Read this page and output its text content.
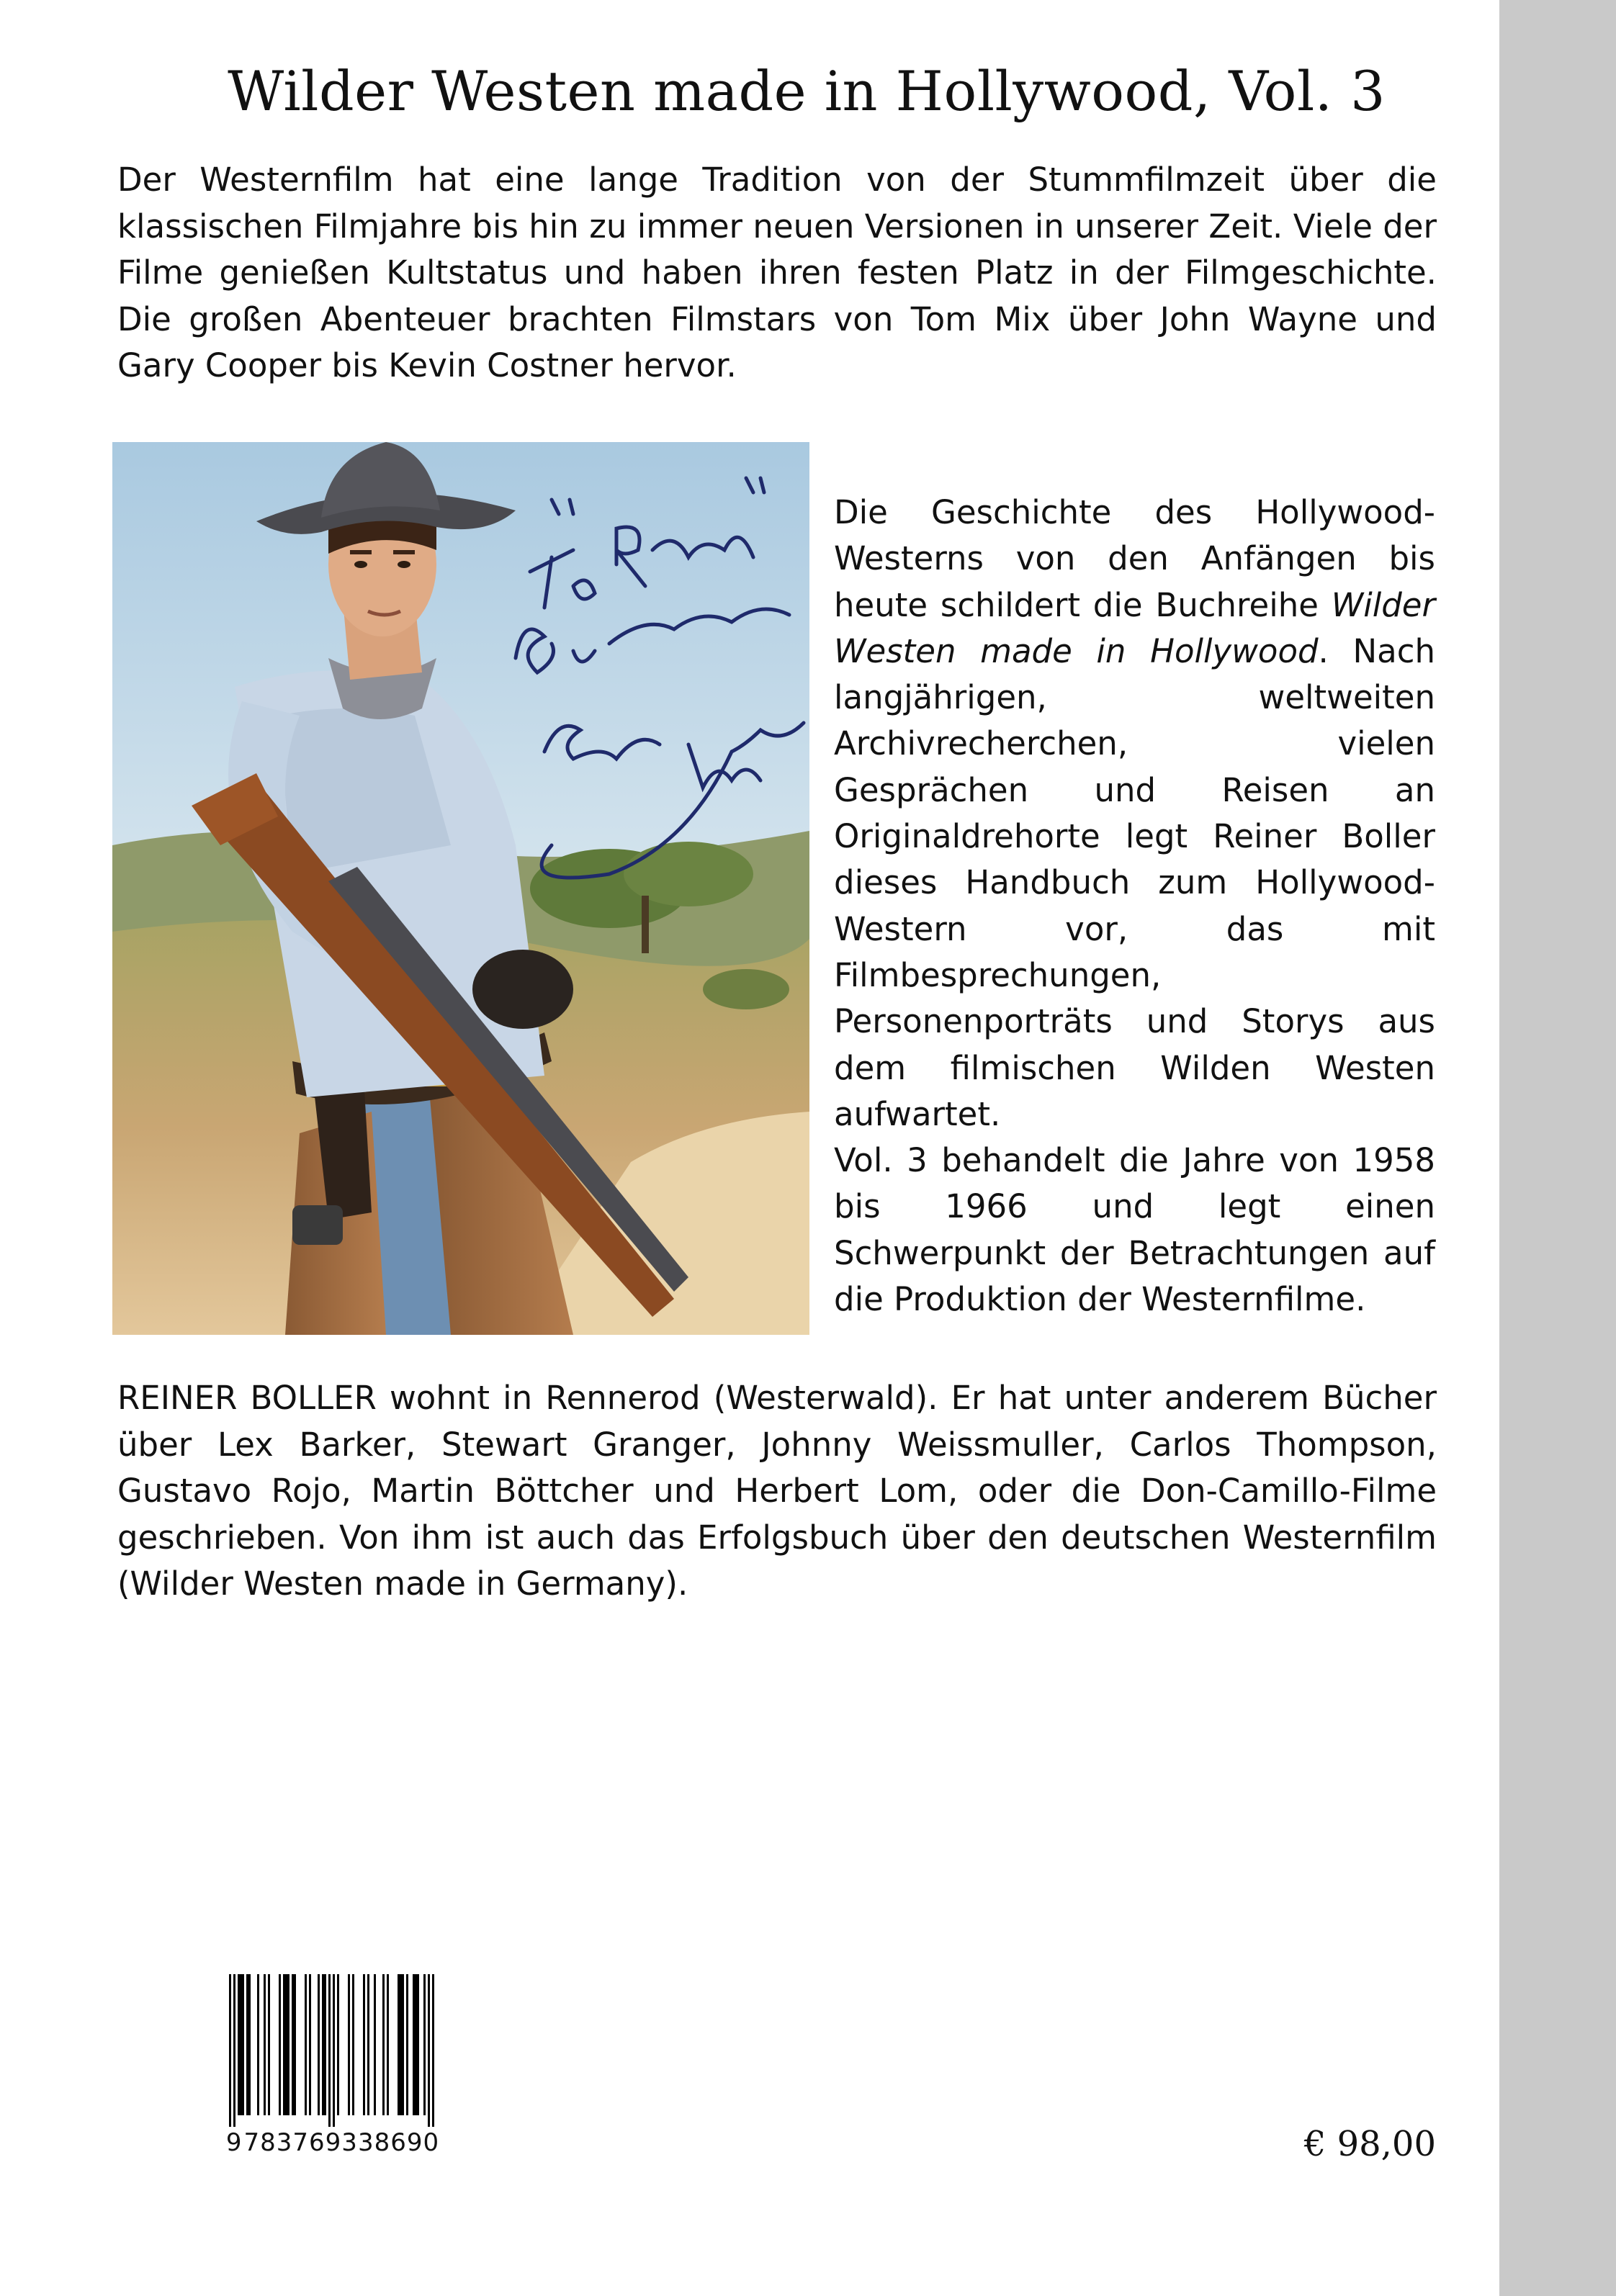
Wilder Westen made in Hollywood, Vol. 3

Der Westernfilm hat eine lange Tradition von der Stummfilmzeit über die klassischen Filmjahre bis hin zu immer neuen Versionen in unserer Zeit. Viele der Filme genießen Kultstatus und haben ihren festen Platz in der Filmgeschichte. Die großen Abenteuer brachten Filmstars von Tom Mix über John Wayne und Gary Cooper bis Kevin Costner hervor.

Die Geschichte des Hollywood-Westerns von den Anfängen bis heute schildert die Buchreihe Wilder Westen made in Hollywood. Nach langjährigen, weltweiten Archivrecherchen, vielen Gesprächen und Reisen an Originaldrehorte legt Reiner Boller dieses Handbuch zum Hollywood-Western vor, das mit Filmbesprechungen, Personenporträts und Storys aus dem filmischen Wilden Westen aufwartet.

Vol. 3 behandelt die Jahre von 1958 bis 1966 und legt einen Schwerpunkt der Betrachtungen auf die Produktion der Westernfilme.

REINER BOLLER wohnt in Rennerod (Westerwald). Er hat unter anderem Bücher über Lex Barker, Stewart Granger, Johnny Weissmuller, Carlos Thompson, Gustavo Rojo, Martin Böttcher und Herbert Lom, oder die Don-Camillo-Filme geschrieben. Von ihm ist auch das Erfolgsbuch über den deutschen Westernfilm (Wilder Westen made in Germany).

9783769338690	€ 98,00
